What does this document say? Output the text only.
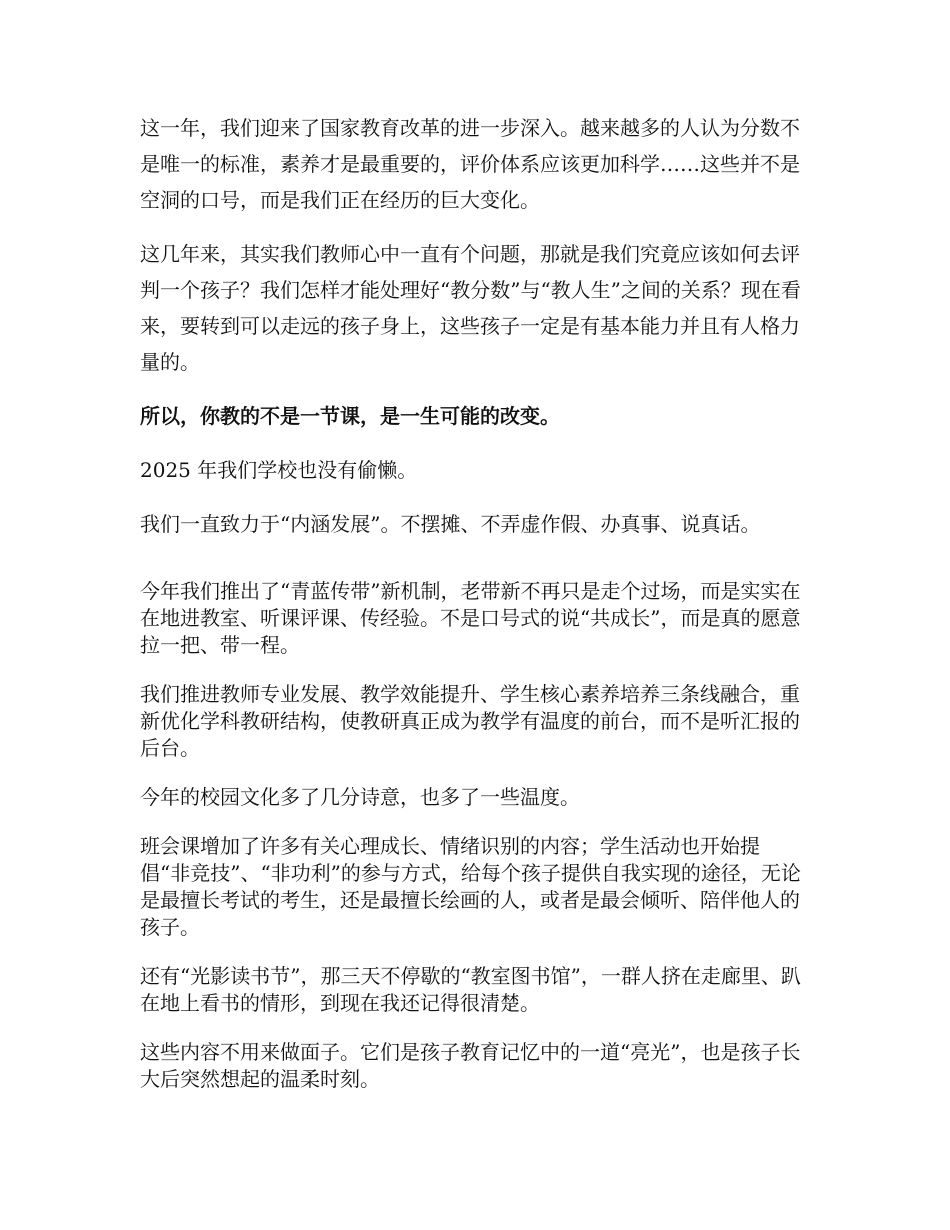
这一年，我们迎来了国家教育改革的进一步深入。越来越多的人认为分数不是唯一的标准，素养才是最重要的，评价体系应该更加科学……这些并不是空洞的口号，而是我们正在经历的巨大变化。

这几年来，其实我们教师心中一直有个问题，那就是我们究竟应该如何去评判一个孩子？我们怎样才能处理好“教分数”与“教人生”之间的关系？现在看来，要转到可以走远的孩子身上，这些孩子一定是有基本能力并且有人格力量的。

所以，你教的不是一节课，是一生可能的改变。

2025 年我们学校也没有偷懒。

我们一直致力于“内涵发展”。不摆摊、不弄虚作假、办真事、说真话。

今年我们推出了“青蓝传带”新机制，老带新不再只是走个过场，而是实实在在地进教室、听课评课、传经验。不是口号式的说“共成长”，而是真的愿意拉一把、带一程。

我们推进教师专业发展、教学效能提升、学生核心素养培养三条线融合，重新优化学科教研结构，使教研真正成为教学有温度的前台，而不是听汇报的后台。

今年的校园文化多了几分诗意，也多了一些温度。

班会课增加了许多有关心理成长、情绪识别的内容；学生活动也开始提倡“非竞技”、“非功利”的参与方式，给每个孩子提供自我实现的途径，无论是最擅长考试的考生，还是最擅长绘画的人，或者是最会倾听、陪伴他人的孩子。

还有“光影读书节”，那三天不停歇的“教室图书馆”，一群人挤在走廊里、趴在地上看书的情形，到现在我还记得很清楚。

这些内容不用来做面子。它们是孩子教育记忆中的一道“亮光”，也是孩子长大后突然想起的温柔时刻。
